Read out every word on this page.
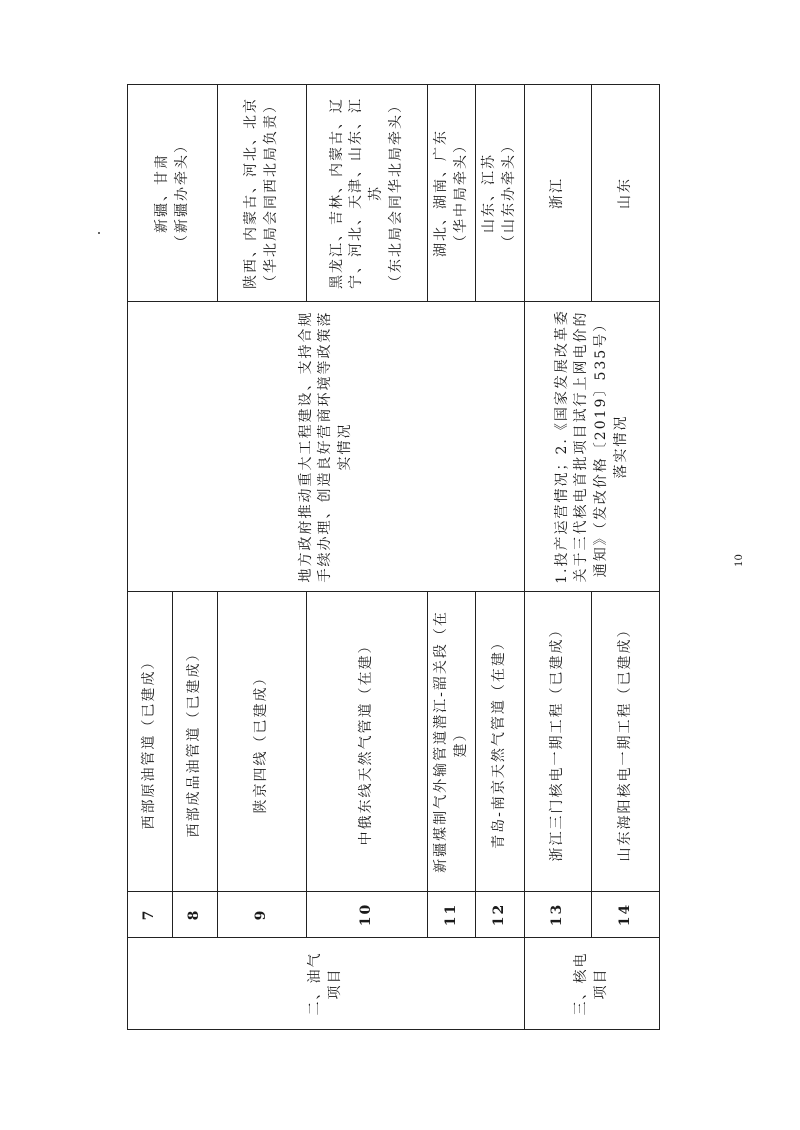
二、油气项目	7	西部原油管道（已建成）	地方政府推动重大工程建设、支持合规手续办理、创造良好营商环境等政策落实情况	新疆、甘肃 （新疆办牵头）

	8	西部成品油管道（已建成）		
	9	陕京四线（已建成）		陕西、内蒙古、河北、北京 （华北局会同西北局负责）

	10	中俄东线天然气管道（在建）		黑龙江、吉林、内蒙古、辽宁、河北、天津、山东、江苏 （东北局会同华北局牵头）

	11	新疆煤制气外输管道潜江-韶关段（在建）		湖北、湖南、广东 （华中局牵头）

	12	青岛-南京天然气管道（在建）		山东、江苏 （山东办牵头）

三、核电项目	13	浙江三门核电一期工程（已建成）	1.投产运营情况；2.《国家发展改革委关于三代核电首批项目试行上网电价的通知》（发改价格〔2019〕535号）落实情况	浙江

	14	山东海阳核电一期工程（已建成）		山东
10
